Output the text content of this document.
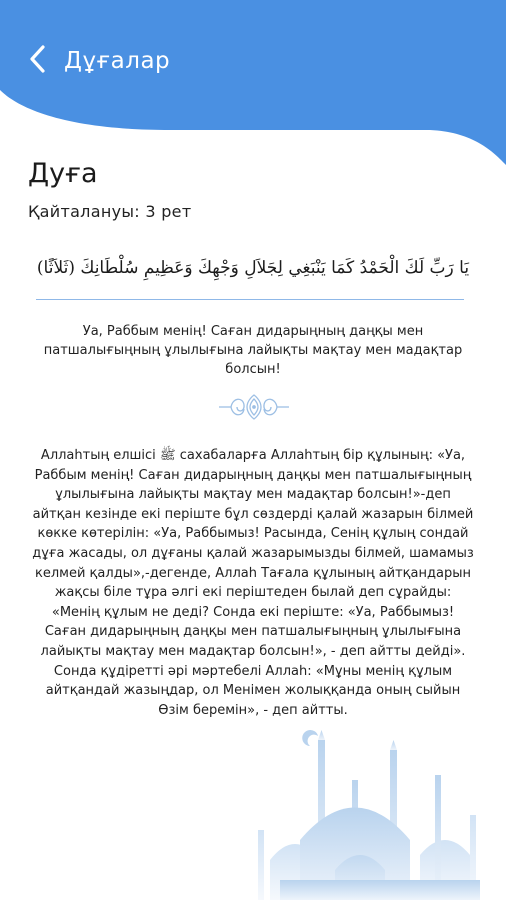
Дұғалар
Дуға
Қайталануы: 3 рет
يَا رَبِّ لَكَ الْحَمْدُ كَمَا يَنْبَغِي لِجَلاَلِ وَجْهِكَ وَعَظِيمِ سُلْطَانِكَ (ثَلاَثًا)
Уа, Раббым менің! Саған дидарыңның даңқы мен патшалығыңның ұлылығына лайықты мақтау мен мадақтар болсын!
Аллаһтың елшісі ﷺ сахабаларға Аллаһтың бір құлының: «Уа, Раббым менің! Саған дидарыңның даңқы мен патшалығыңның ұлылығына лайықты мақтау мен мадақтар болсын!»-деп айтқан кезінде екі періште бұл сөздерді қалай жазарын білмей көкке көтерілін: «Уа, Раббымыз! Расында, Сенің құлың сондай дұға жасады, ол дұғаны қалай жазарымызды білмей, шамамыз келмей қалды»,-дегенде, Аллаһ Тағала құлының айтқандарын жақсы біле тұра әлгі екі періштеден былай деп сұрайды: «Менің құлым не деді? Сонда екі періште: «Уа, Раббымыз! Саған дидарыңның даңқы мен патшалығыңның ұлылығына лайықты мақтау мен мадақтар болсын!», - деп айтты дейді». Сонда құдіретті әрі мәртебелі Аллаһ: «Мұны менің құлым айтқандай жазыңдар, ол Менімен жолыққанда оның сыйын Өзім беремін», - деп айтты.
